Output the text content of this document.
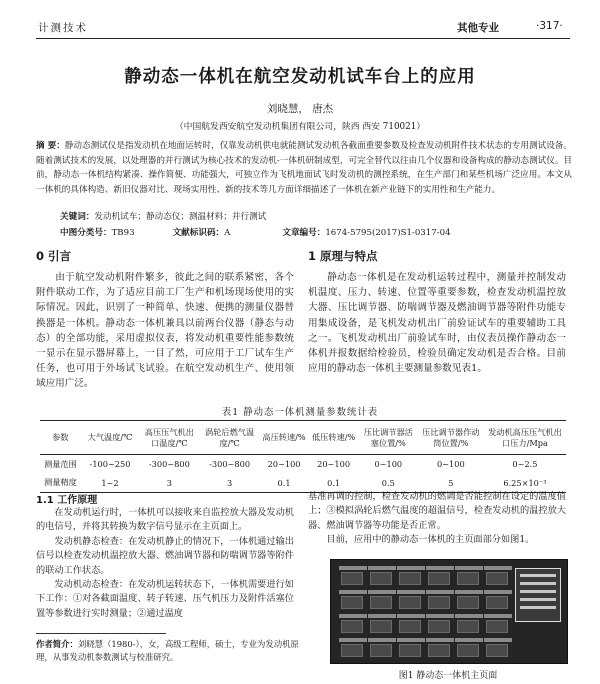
计测技术	其他专业	·317·
静动态一体机在航空发动机试车台上的应用
刘晓慧， 唐杰
（中国航发西安航空发动机集团有限公司，陕西 西安 710021）
摘 要：静动态测试仪是指发动机在地面运转时，仅靠发动机供电就能测试发动机各截面重要参数及检查发动机附件技术状态的专用测试设备。随着测试技术的发展，以处理器的并行测试为核心技术的发动机-一体机研制成型，可完全替代以往由几个仪器和设备构成的静动态测试仪。目前，静动态一体机结构紧凑、操作简便、功能强大，可独立作为飞机地面试飞时发动机的测控系统，在生产部门和某些机场广泛应用。本文从一体机的具体构造、新旧仪器对比、现场实用性、新的技术等几方面详细描述了一体机在新产业链下的实用性和生产能力。
关键词：发动机试车；静动态仪；测温材料；并行测试
中图分类号：TB93	文献标识码：A	文章编号：1674-5795(2017)S1-0317-04
0 引言

由于航空发动机附件繁多，彼此之间的联系紧密，各个附件联动工作，为了适应目前工厂生产和机场现场使用的实际情况。因此，识别了一种简单、快速、便携的测量仪器替换器是一体机。静动态一体机兼具以前两台仪器（静态与动态）的全部功能，采用虚拟仪表，将发动机重要性能参数统一显示在显示器屏幕上，一目了然，可应用于工厂试车生产任务，也可用于外场试飞试验。在航空发动机生产、使用领域应用广泛。

1 原理与特点

静动态一体机是在发动机运转过程中，测量并控制发动机温度、压力、转速、位置等重要参数，检查发动机温控放大器、压比调节器、防喘调节器及燃油调节器等附件功能专用集成设备，是飞机发动机出厂前验证试车的重要辅助工具之一。飞机发动机出厂前验试车时，由仪表员操作静动态一体机并报数据给检验员，检验员确定发动机是否合格。目前应用的静动态一体机主要测量参数见表1。

表1 静动态一体机测量参数统计表
参数	大气温度/℃	高压压气机出口温度/℃	涡轮后燃气温度/℃	高压转速/%	低压转速/%	压比调节器活塞位置/%	压比调节器作动筒位置/%	发动机高压压气机出口压力/Mpa
测量范围	-100~250	-300~800	-300~800	20~100	20~100	0~100	0~100	0~2.5
测量精度	1~2	3	3	0.1	0.1	0.5	5	6.25×10⁻³
1.1 工作原理

在发动机运行时，一体机可以接收来自监控放大器及发动机的电信号，并将其转换为数字信号显示在主页面上。

发动机静态检查：在发动机静止的情况下，一体机通过输出信号以检查发动机温控放大器、燃油调节器和防喘调节器等附件的联动工作状态。

发动机动态检查：在发动机运转状态下，一体机需要进行如下工作：①对各截面温度、转子转速、压气机压力及附件活塞位置等参数进行实时测量；②通过温度

基准再调的控制，检查发动机的燃调是否能控制在设定的温度值上；③模拟涡轮后燃气温度的超温信号，检查发动机的温控放大器、燃油调节器等功能是否正常。

目前，应用中的静动态一体机的主页面部分如图1。

作者简介：刘晓慧（1980-），女，高级工程师，硕士，专业为发动机原理，从事发动机参数测试与校准研究。
图1 静动态一体机主页面
